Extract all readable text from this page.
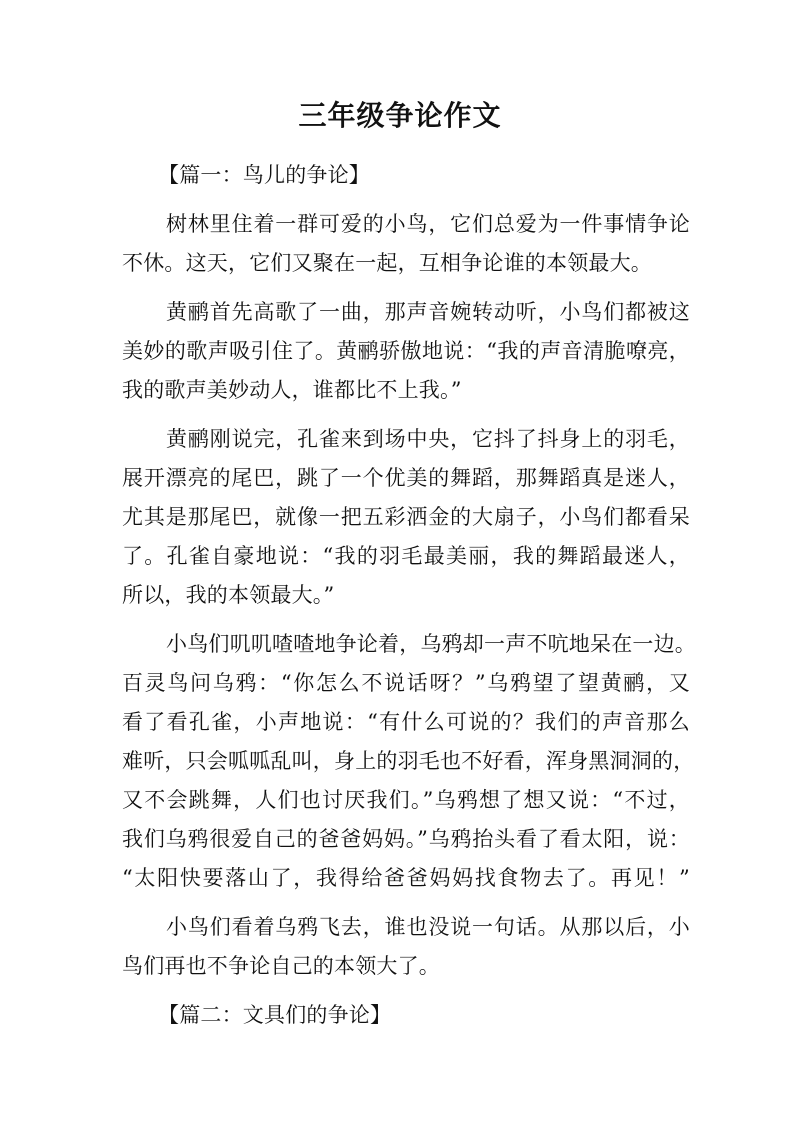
三年级争论作文
【篇一：鸟儿的争论】
树林里住着一群可爱的小鸟，它们总爱为一件事情争论
不休。这天，它们又聚在一起，互相争论谁的本领最大。
黄鹂首先高歌了一曲，那声音婉转动听，小鸟们都被这
美妙的歌声吸引住了。黄鹂骄傲地说：“我的声音清脆嘹亮，
我的歌声美妙动人，谁都比不上我。”
黄鹂刚说完，孔雀来到场中央，它抖了抖身上的羽毛，
展开漂亮的尾巴，跳了一个优美的舞蹈，那舞蹈真是迷人，
尤其是那尾巴，就像一把五彩洒金的大扇子，小鸟们都看呆
了。孔雀自豪地说：“我的羽毛最美丽，我的舞蹈最迷人，
所以，我的本领最大。”
小鸟们叽叽喳喳地争论着，乌鸦却一声不吭地呆在一边。
百灵鸟问乌鸦：“你怎么不说话呀？”乌鸦望了望黄鹂，又
看了看孔雀，小声地说：“有什么可说的？我们的声音那么
难听，只会呱呱乱叫，身上的羽毛也不好看，浑身黑洞洞的，
又不会跳舞，人们也讨厌我们。”乌鸦想了想又说：“不过，
我们乌鸦很爱自己的爸爸妈妈。”乌鸦抬头看了看太阳，说：
“太阳快要落山了，我得给爸爸妈妈找食物去了。再见！”
小鸟们看着乌鸦飞去，谁也没说一句话。从那以后，小
鸟们再也不争论自己的本领大了。
【篇二：文具们的争论】
